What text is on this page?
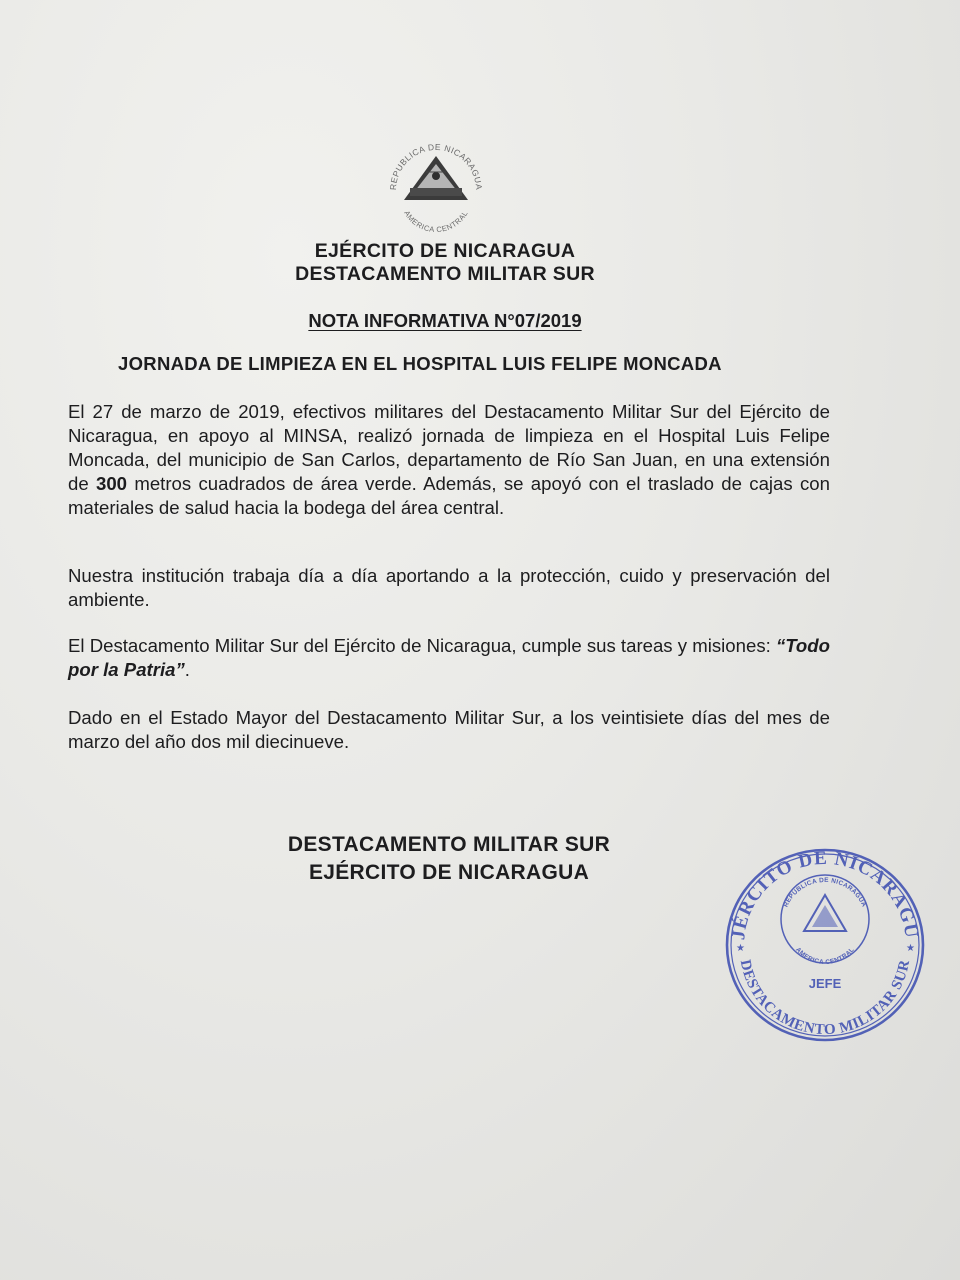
REPUBLICA DE NICARAGUA
AMERICA CENTRAL
EJÉRCITO DE NICARAGUA
DESTACAMENTO MILITAR SUR
NOTA INFORMATIVA N°07/2019
JORNADA DE LIMPIEZA EN EL HOSPITAL LUIS FELIPE MONCADA
El 27 de marzo de 2019, efectivos militares del Destacamento Militar Sur del Ejército de Nicaragua, en apoyo al MINSA, realizó jornada de limpieza en el Hospital Luis Felipe Moncada, del municipio de San Carlos, departamento de Río San Juan, en una extensión de 300 metros cuadrados de área verde. Además, se apoyó con el traslado de cajas con materiales de salud hacia la bodega del área central.
Nuestra institución trabaja día a día aportando a la protección, cuido y preservación del ambiente.
El Destacamento Militar Sur del Ejército de Nicaragua, cumple sus tareas y misiones: “Todo por la Patria”.
Dado en el Estado Mayor del Destacamento Militar Sur, a los veintisiete días del mes de marzo del año dos mil diecinueve.
DESTACAMENTO MILITAR SUR
EJÉRCITO DE NICARAGUA
JÉRCITO DE NICARAGU
DESTACAMENTO MILITAR SUR
REPUBLICA DE NICARAGUA
AMERICA CENTRAL
JEFE
★	★
